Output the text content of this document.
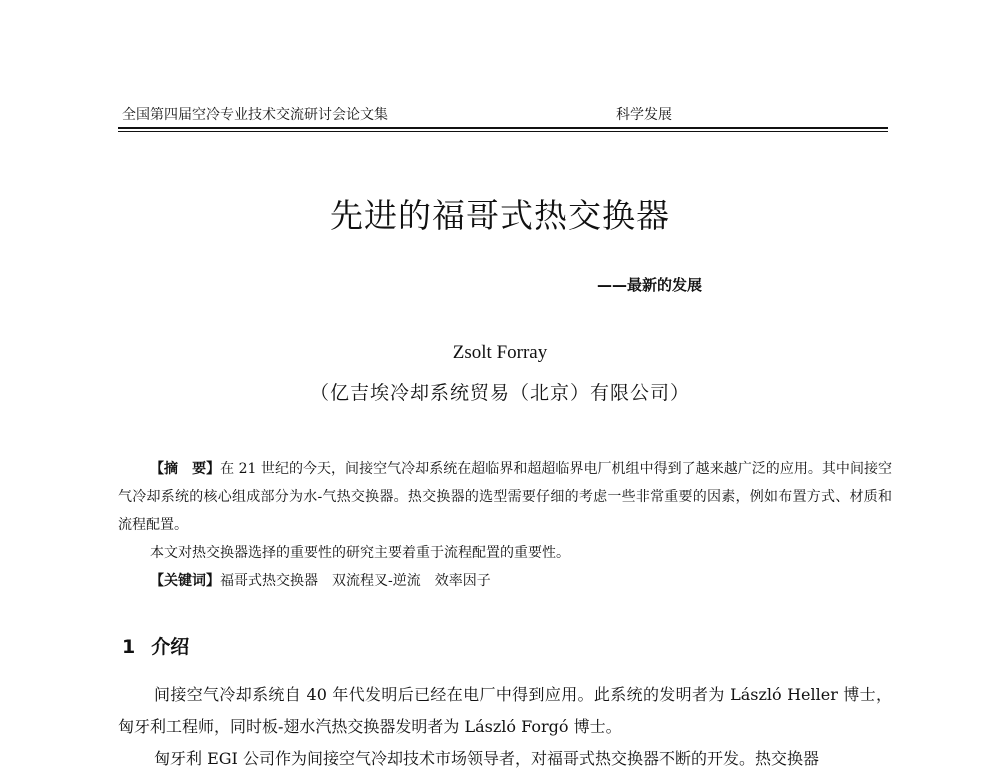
全国第四届空冷专业技术交流研讨会论文集	科学发展
先进的福哥式热交换器
——最新的发展
Zsolt Forray
（亿吉埃冷却系统贸易（北京）有限公司）

【摘　要】在 21 世纪的今天，间接空气冷却系统在超临界和超超临界电厂机组中得到了越来越广泛的应用。其中间接空气冷却系统的核心组成部分为水-气热交换器。热交换器的选型需要仔细的考虑一些非常重要的因素，例如布置方式、材质和流程配置。

本文对热交换器选择的重要性的研究主要着重于流程配置的重要性。

【关键词】福哥式热交换器　双流程叉-逆流　效率因子

1 介绍

间接空气冷却系统自 40 年代发明后已经在电厂中得到应用。此系统的发明者为 László Heller 博士，匈牙利工程师，同时板-翅水汽热交换器发明者为 László Forgó 博士。

匈牙利 EGI 公司作为间接空气冷却技术市场领导者，对福哥式热交换器不断的开发。热交换器
